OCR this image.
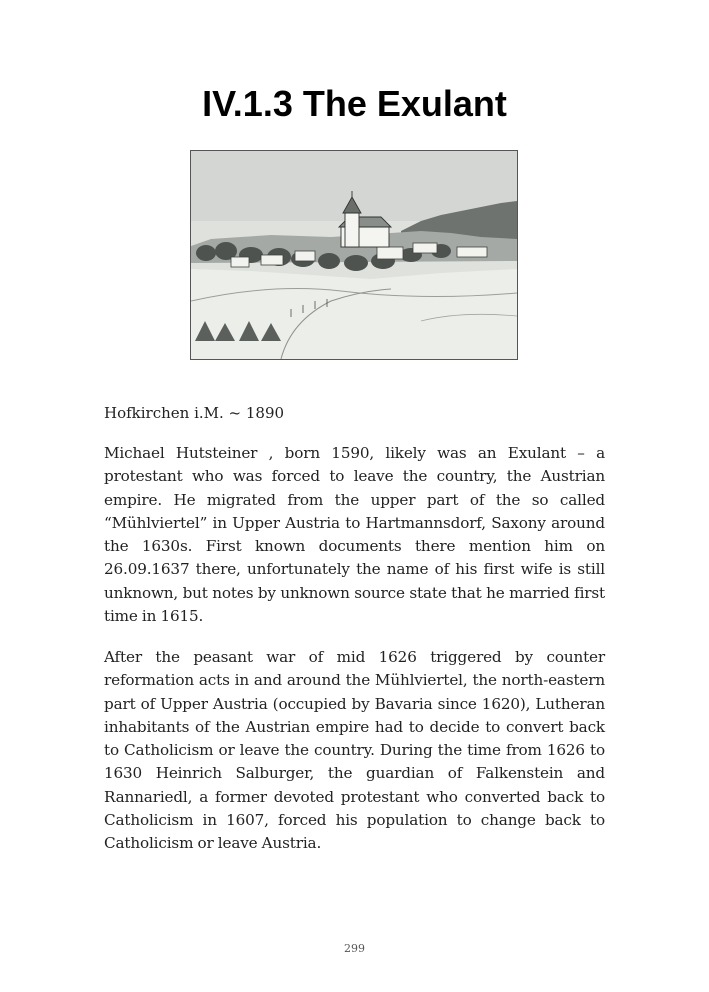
IV.1.3 The Exulant

Hofkirchen i.M. ~ 1890

Michael Hutsteiner , born 1590, likely was an Exulant – a protestant who was forced to leave the country, the Austrian empire. He migrated from the upper part of the so called “Mühlviertel” in Upper Austria to Hartmannsdorf, Saxony around the 1630s. First known documents there mention him on 26.09.1637 there, unfortunately the name of his first wife is still unknown, but notes by unknown source state that he married first time in 1615.

After the peasant war of mid 1626 triggered by counter reformation acts in and around the Mühlviertel, the north-eastern part of Upper Austria (occupied by Bavaria since 1620), Lutheran inhabitants of the Austrian empire had to decide to convert back to Catholicism or leave the country. During the time from 1626 to 1630 Heinrich Salburger, the guardian of Falkenstein and Rannariedl, a former devoted protestant who converted back to Catholicism in 1607, forced his population to change back to Catholicism or leave Austria.

299
